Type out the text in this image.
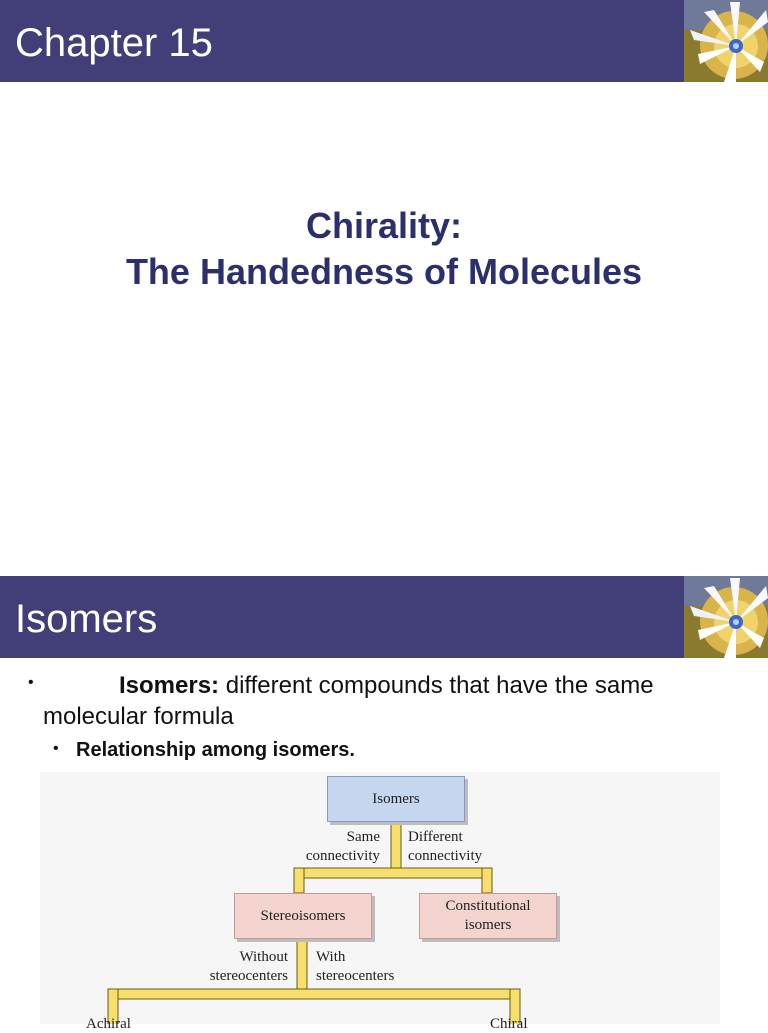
Chapter 15
Chirality:
The Handedness of Molecules
Isomers
•	Isomers: different compounds that have the same
molecular formula
• Relationship among isomers.
Isomers
Same
connectivity
Different
connectivity
Stereoisomers
Constitutional
isomers
Without
stereocenters
With
stereocenters
Achiral	Chiral
